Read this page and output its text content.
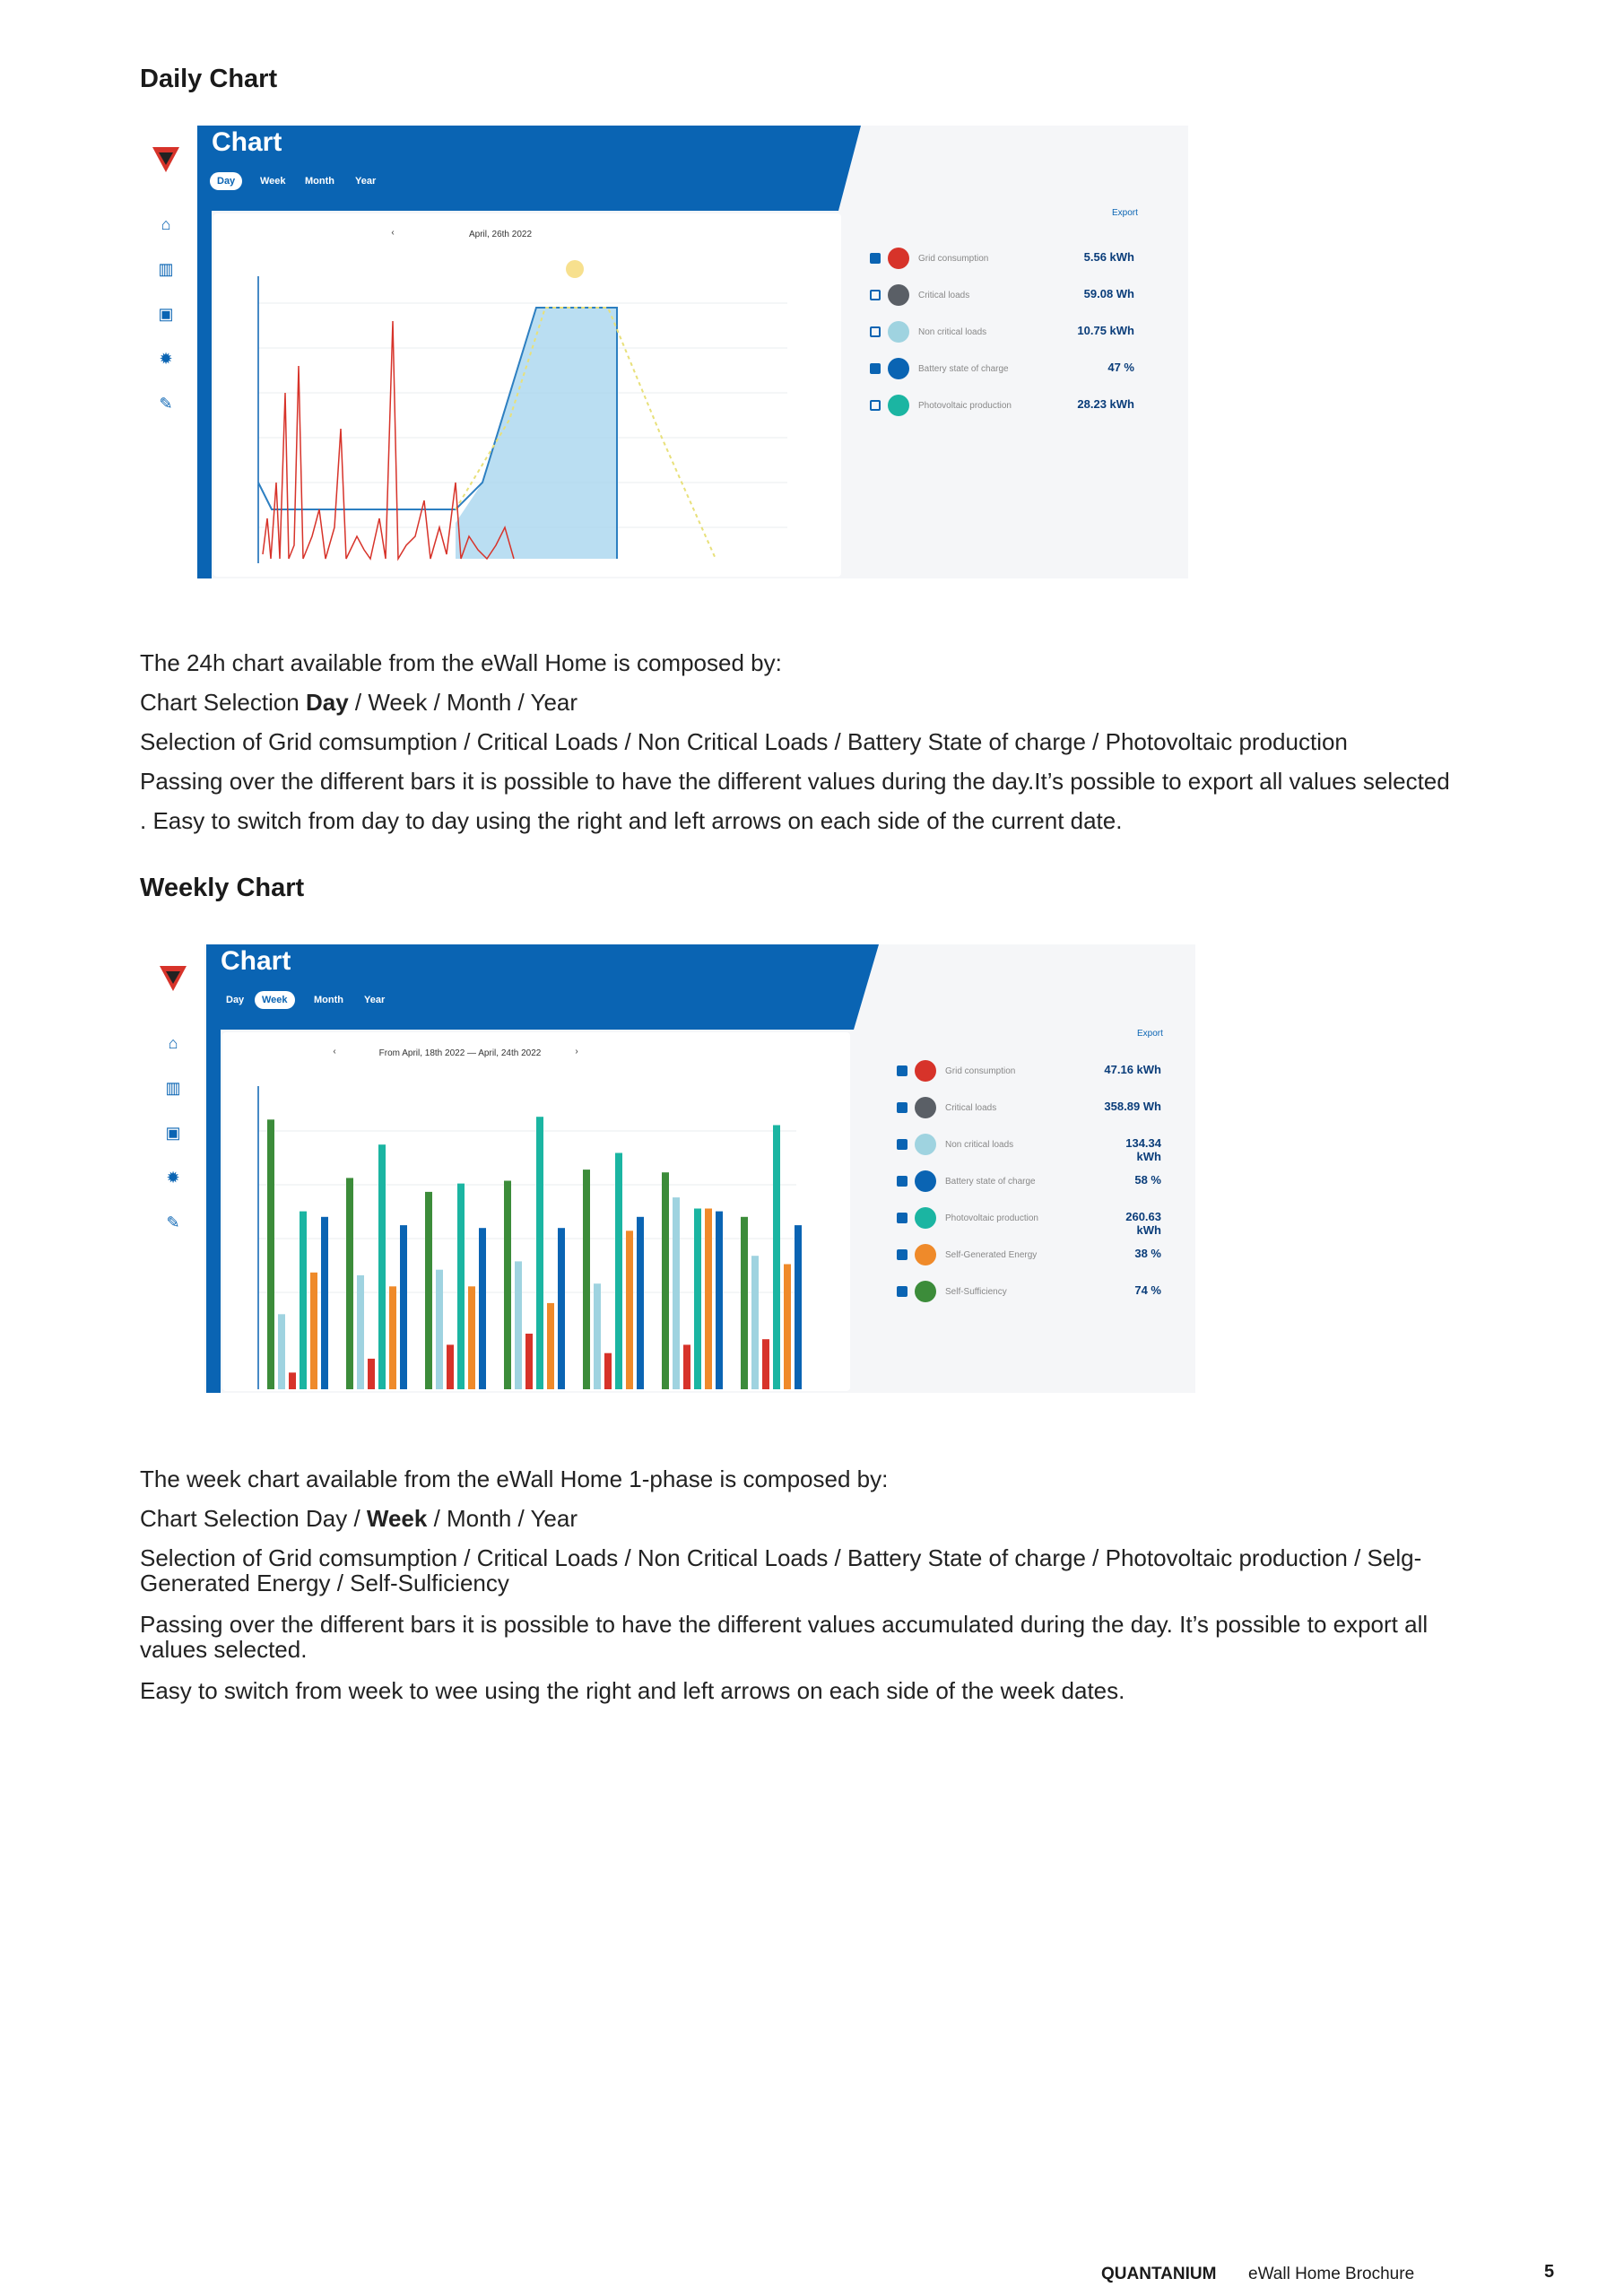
Daily Chart
⌂
▥
▣
✹
✎
Chart
Day	Week	Month	Year
‹	April, 26th 2022
Export
Grid consumption	5.56 kWh
Critical loads	59.08 Wh
Non critical loads	10.75 kWh
Battery state of charge	47 %
Photovoltaic production	28.23 kWh

The 24h chart available from the eWall Home is composed by:

Chart Selection Day / Week / Month / Year

Selection of Grid comsumption / Critical Loads / Non Critical Loads / Battery State of charge / Photovoltaic production

Passing over the different bars it is possible to have the different values during the day.It’s possible to export all values selected

. Easy to switch from day to day using the right and left arrows on each side of the current date.

Weekly Chart
⌂
▥
▣
✹
✎
Chart
Day	Week	Month	Year
‹	From April, 18th 2022 — April, 24th 2022	›
Export
Grid consumption	47.16 kWh
Critical loads	358.89 Wh
Non critical loads	134.34 kWh
Battery state of charge	58 %
Photovoltaic production	260.63 kWh
Self-Generated Energy	38 %
Self-Sufficiency	74 %

The week chart available from the eWall Home 1-phase is composed by:

Chart Selection Day / Week / Month / Year

Selection of Grid comsumption / Critical Loads / Non Critical Loads / Battery State of charge / Photovoltaic production / Selg-Generated Energy / Self-Sulficiency

Passing over the different bars it is possible to have the different values accumulated during the day. It’s possible to export all values selected.

Easy to switch from week to wee using the right and left arrows on each side of the week dates.

QUANTANIUM eWall Home Brochure	5
